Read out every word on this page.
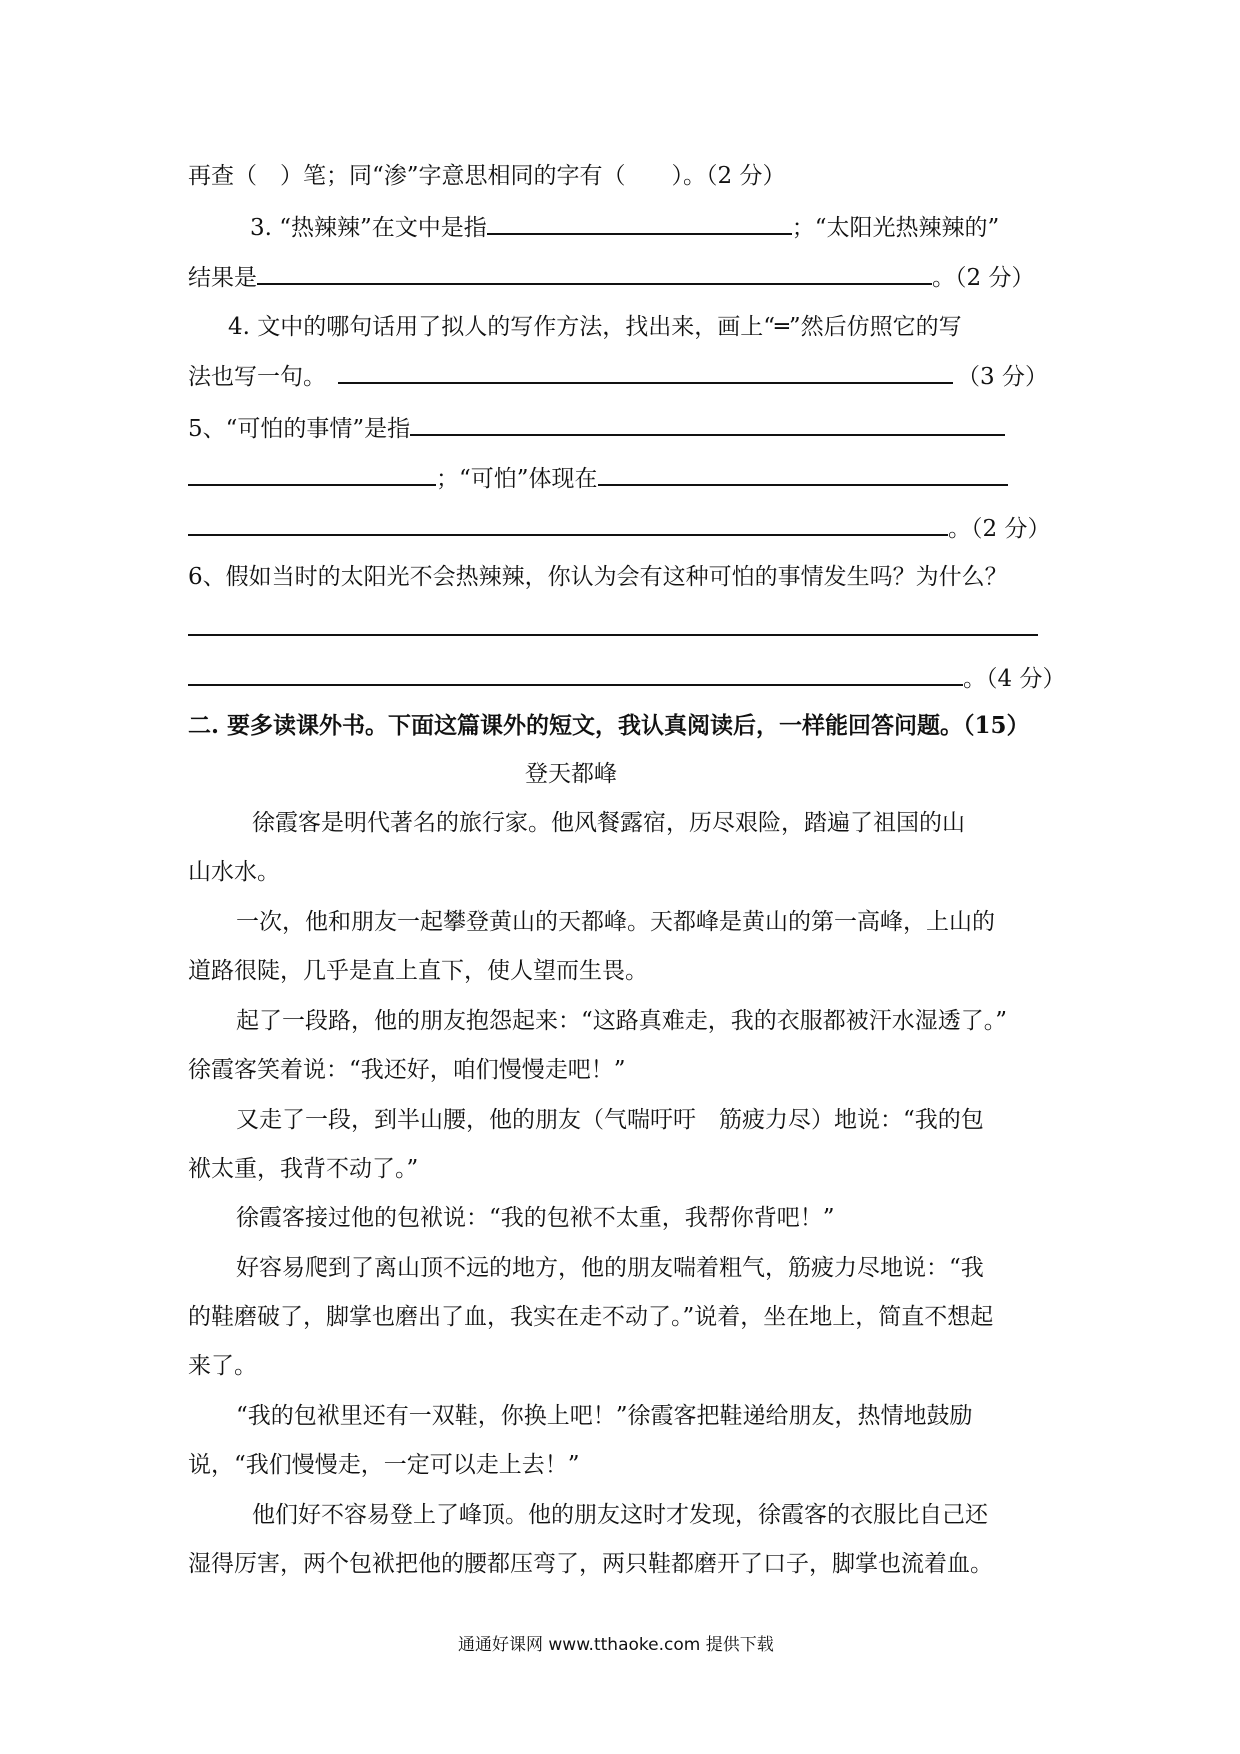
再查（　）笔；同“渗”字意思相同的字有（　　）。（2 分）
3. “热辣辣”在文中是指	；“太阳光热辣辣的”
结果是	。（2 分）
4. 文中的哪句话用了拟人的写作方法，找出来，画上“═”然后仿照它的写
法也写一句。	（3 分）
5、“可怕的事情”是指
；“可怕”体现在
。（2 分）
6、假如当时的太阳光不会热辣辣，你认为会有这种可怕的事情发生吗？为什么？
。（4 分）
二. 要多读课外书。下面这篇课外的短文，我认真阅读后，一样能回答问题。（15）
登天都峰
徐霞客是明代著名的旅行家。他风餐露宿，历尽艰险，踏遍了祖国的山
山水水。
一次，他和朋友一起攀登黄山的天都峰。天都峰是黄山的第一高峰，上山的
道路很陡，几乎是直上直下，使人望而生畏。
起了一段路，他的朋友抱怨起来：“这路真难走，我的衣服都被汗水湿透了。”
徐霞客笑着说：“我还好，咱们慢慢走吧！”
又走了一段，到半山腰，他的朋友（气喘吁吁　筋疲力尽）地说：“我的包
袱太重，我背不动了。”
徐霞客接过他的包袱说：“我的包袱不太重，我帮你背吧！”
好容易爬到了离山顶不远的地方，他的朋友喘着粗气，筋疲力尽地说：“我
的鞋磨破了，脚掌也磨出了血，我实在走不动了。”说着，坐在地上，简直不想起
来了。
“我的包袱里还有一双鞋，你换上吧！”徐霞客把鞋递给朋友，热情地鼓励
说，“我们慢慢走，一定可以走上去！”
他们好不容易登上了峰顶。他的朋友这时才发现，徐霞客的衣服比自己还
湿得厉害，两个包袱把他的腰都压弯了，两只鞋都磨开了口子，脚掌也流着血。
通通好课网 www.tthaoke.com 提供下载
